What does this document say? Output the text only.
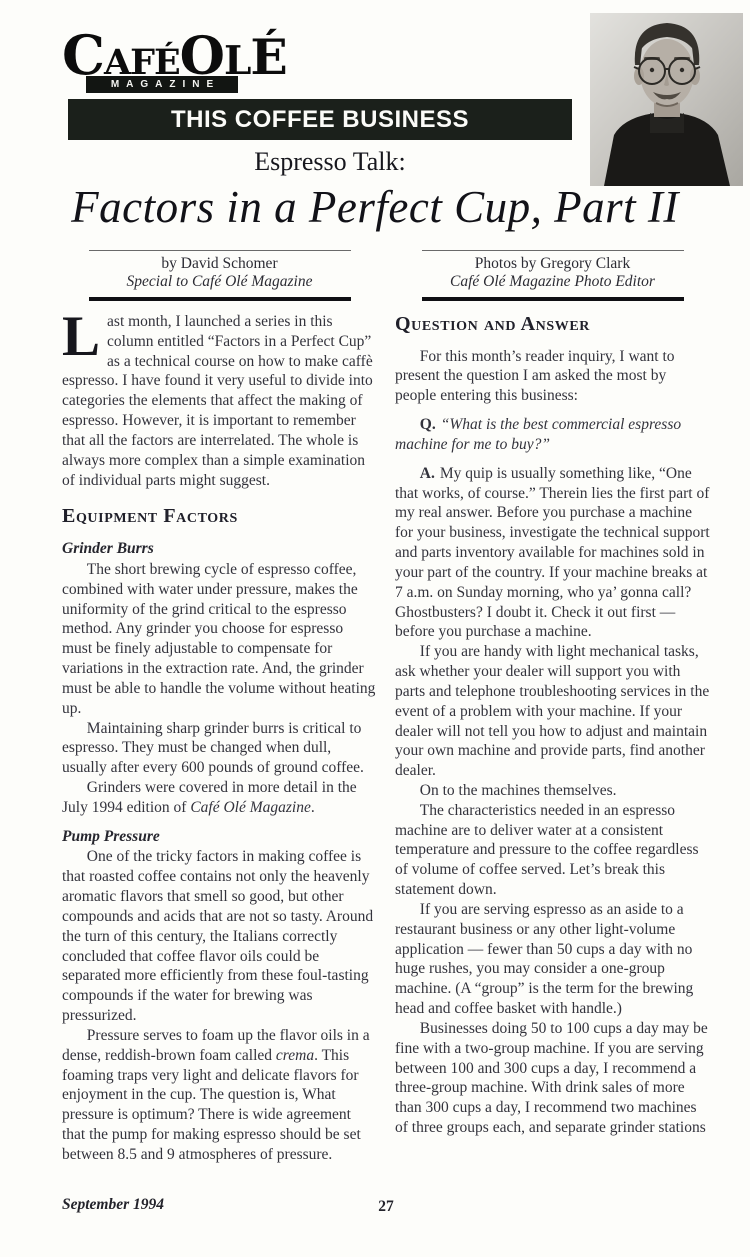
CAFÉOLÉ
MAGAZINE
THIS COFFEE BUSINESS
Espresso Talk:
Factors in a Perfect Cup, Part II
by David Schomer
Special to Café Olé Magazine
Photos by Gregory Clark
Café Olé Magazine Photo Editor

Last month, I launched a series in this column entitled “Factors in a Perfect Cup” as a technical course on how to make caffè espresso. I have found it very useful to divide into categories the elements that affect the making of espresso. However, it is important to remember that all the factors are interrelated. The whole is always more complex than a simple examination of individual parts might suggest.

Equipment Factors
Grinder Burrs

The short brewing cycle of espresso coffee, combined with water under pressure, makes the uniformity of the grind critical to the espresso method. Any grinder you choose for espresso must be finely adjustable to compensate for variations in the extraction rate. And, the grinder must be able to handle the volume without heating up.

Maintaining sharp grinder burrs is critical to espresso. They must be changed when dull, usually after every 600 pounds of ground coffee.

Grinders were covered in more detail in the July 1994 edition of Café Olé Magazine.

Pump Pressure

One of the tricky factors in making coffee is that roasted coffee contains not only the heavenly aromatic flavors that smell so good, but other compounds and acids that are not so tasty. Around the turn of this century, the Italians correctly concluded that coffee flavor oils could be separated more efficiently from these foul-tasting compounds if the water for brewing was pressurized.

Pressure serves to foam up the flavor oils in a dense, reddish-brown foam called crema. This foaming traps very light and delicate flavors for enjoyment in the cup. The question is, What pressure is optimum? There is wide agreement that the pump for making espresso should be set between 8.5 and 9 atmospheres of pressure.

Question and Answer

For this month’s reader inquiry, I want to present the question I am asked the most by people entering this business:

Q. “What is the best commercial espresso machine for me to buy?”

A. My quip is usually something like, “One that works, of course.” Therein lies the first part of my real answer. Before you purchase a machine for your business, investigate the technical support and parts inventory available for machines sold in your part of the country. If your machine breaks at 7 a.m. on Sunday morning, who ya’ gonna call? Ghostbusters? I doubt it. Check it out first — before you purchase a machine.

If you are handy with light mechanical tasks, ask whether your dealer will support you with parts and telephone troubleshooting services in the event of a problem with your machine. If your dealer will not tell you how to adjust and maintain your own machine and provide parts, find another dealer.

On to the machines themselves.

The characteristics needed in an espresso machine are to deliver water at a consistent temperature and pressure to the coffee regardless of volume of coffee served. Let’s break this statement down.

If you are serving espresso as an aside to a restaurant business or any other light-volume application — fewer than 50 cups a day with no huge rushes, you may consider a one-group machine. (A “group” is the term for the brewing head and coffee basket with handle.)

Businesses doing 50 to 100 cups a day may be fine with a two-group machine. If you are serving between 100 and 300 cups a day, I recommend a three-group machine. With drink sales of more than 300 cups a day, I recommend two machines of three groups each, and separate grinder stations

September 1994	27
